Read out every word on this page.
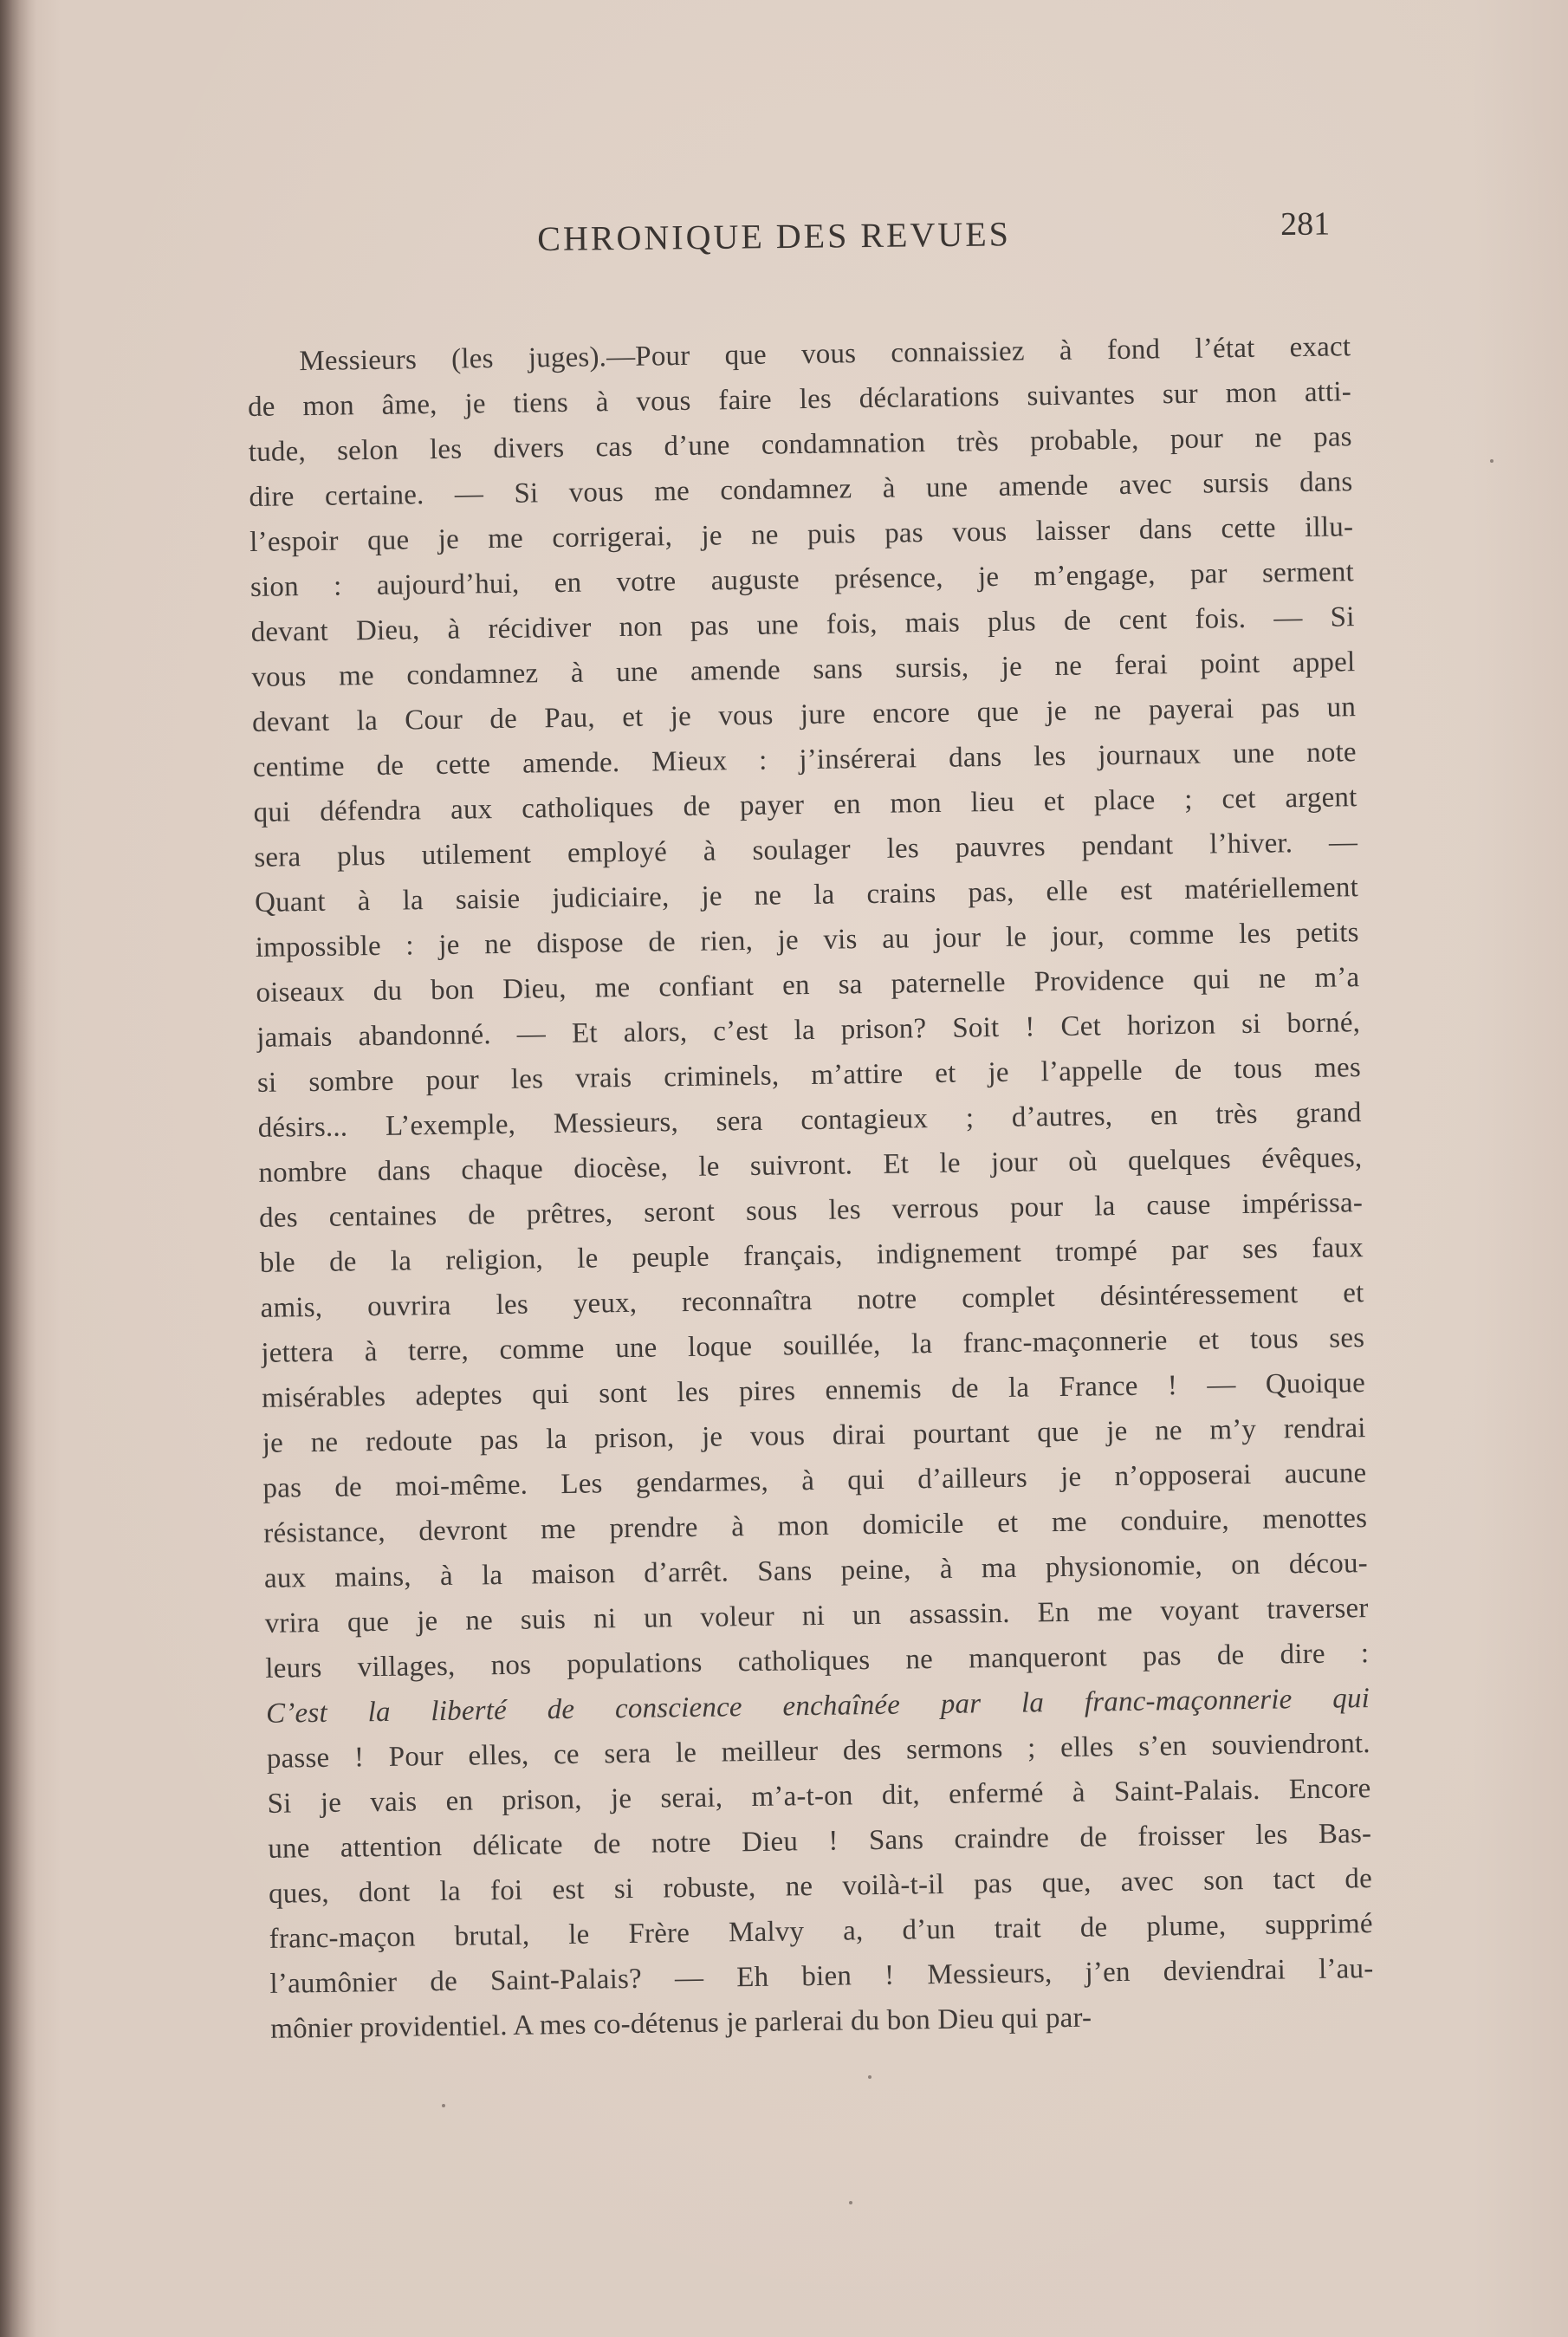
CHRONIQUE DES REVUES	281
Messieurs (les juges).—Pour que vous connaissiez à fond l’état exact
de mon âme, je tiens à vous faire les déclarations suivantes sur mon atti-
tude, selon les divers cas d’une condamnation très probable, pour ne pas
dire certaine. — Si vous me condamnez à une amende avec sursis dans
l’espoir que je me corrigerai, je ne puis pas vous laisser dans cette illu-
sion : aujourd’hui, en votre auguste présence, je m’engage, par serment
devant Dieu, à récidiver non pas une fois, mais plus de cent fois. — Si
vous me condamnez à une amende sans sursis, je ne ferai point appel
devant la Cour de Pau, et je vous jure encore que je ne payerai pas un
centime de cette amende. Mieux : j’insérerai dans les journaux une note
qui défendra aux catholiques de payer en mon lieu et place ; cet argent
sera plus utilement employé à soulager les pauvres pendant l’hiver. —
Quant à la saisie judiciaire, je ne la crains pas, elle est matériellement
impossible : je ne dispose de rien, je vis au jour le jour, comme les petits
oiseaux du bon Dieu, me confiant en sa paternelle Providence qui ne m’a
jamais abandonné. — Et alors, c’est la prison? Soit ! Cet horizon si borné,
si sombre pour les vrais criminels, m’attire et je l’appelle de tous mes
désirs... L’exemple, Messieurs, sera contagieux ; d’autres, en très grand
nombre dans chaque diocèse, le suivront. Et le jour où quelques évêques,
des centaines de prêtres, seront sous les verrous pour la cause impérissa-
ble de la religion, le peuple français, indignement trompé par ses faux
amis, ouvrira les yeux, reconnaîtra notre complet désintéressement et
jettera à terre, comme une loque souillée, la franc-maçonnerie et tous ses
misérables adeptes qui sont les pires ennemis de la France ! — Quoique
je ne redoute pas la prison, je vous dirai pourtant que je ne m’y rendrai
pas de moi-même. Les gendarmes, à qui d’ailleurs je n’opposerai aucune
résistance, devront me prendre à mon domicile et me conduire, menottes
aux mains, à la maison d’arrêt. Sans peine, à ma physionomie, on décou-
vrira que je ne suis ni un voleur ni un assassin. En me voyant traverser
leurs villages, nos populations catholiques ne manqueront pas de dire :
C’est la liberté de conscience enchaînée par la franc-maçonnerie qui
passe ! Pour elles, ce sera le meilleur des sermons ; elles s’en souviendront.
Si je vais en prison, je serai, m’a-t-on dit, enfermé à Saint-Palais. Encore
une attention délicate de notre Dieu ! Sans craindre de froisser les Bas-
ques, dont la foi est si robuste, ne voilà-t-il pas que, avec son tact de
franc-maçon brutal, le Frère Malvy a, d’un trait de plume, supprimé
l’aumônier de Saint-Palais? — Eh bien ! Messieurs, j’en deviendrai l’au-
mônier providentiel. A mes co-détenus je parlerai du bon Dieu qui par-
